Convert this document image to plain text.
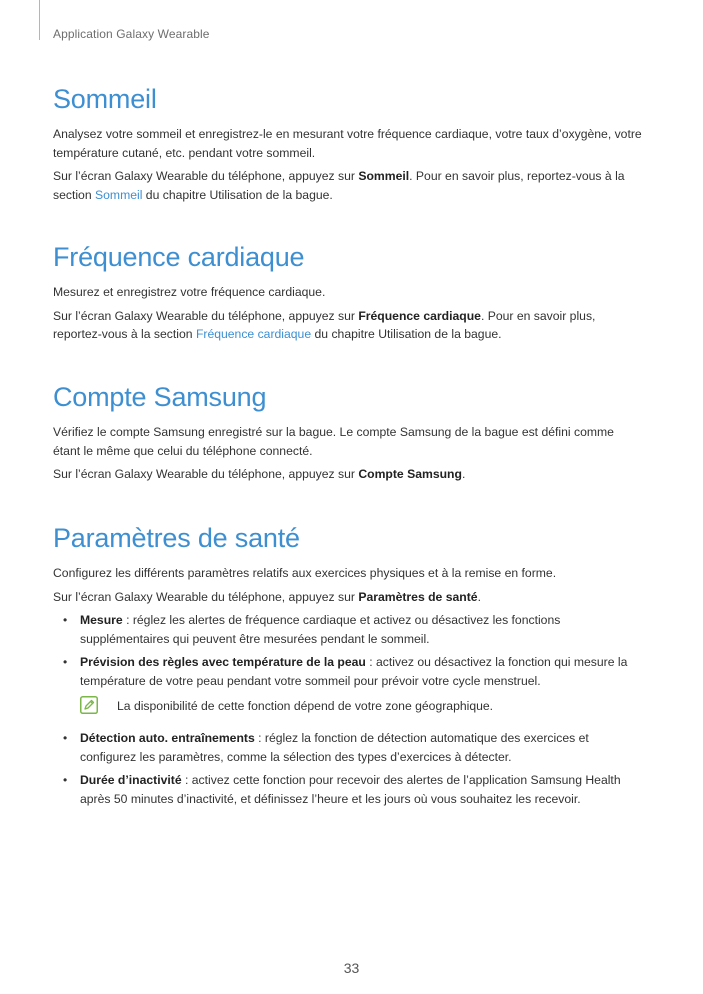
Application Galaxy Wearable
Sommeil

Analysez votre sommeil et enregistrez-le en mesurant votre fréquence cardiaque, votre taux d’oxygène, votre température cutané, etc. pendant votre sommeil.

Sur l’écran Galaxy Wearable du téléphone, appuyez sur Sommeil. Pour en savoir plus, reportez-vous à la section Sommeil du chapitre Utilisation de la bague.

Fréquence cardiaque

Mesurez et enregistrez votre fréquence cardiaque.

Sur l’écran Galaxy Wearable du téléphone, appuyez sur Fréquence cardiaque. Pour en savoir plus, reportez-vous à la section Fréquence cardiaque du chapitre Utilisation de la bague.

Compte Samsung

Vérifiez le compte Samsung enregistré sur la bague. Le compte Samsung de la bague est défini comme étant le même que celui du téléphone connecté.

Sur l’écran Galaxy Wearable du téléphone, appuyez sur Compte Samsung.

Paramètres de santé

Configurez les différents paramètres relatifs aux exercices physiques et à la remise en forme.

Sur l’écran Galaxy Wearable du téléphone, appuyez sur Paramètres de santé.

• Mesure : réglez les alertes de fréquence cardiaque et activez ou désactivez les fonctions supplémentaires qui peuvent être mesurées pendant le sommeil.
• Prévision des règles avec température de la peau : activez ou désactivez la fonction qui mesure la température de votre peau pendant votre sommeil pour prévoir votre cycle menstruel.
La disponibilité de cette fonction dépend de votre zone géographique.
• Détection auto. entraînements : réglez la fonction de détection automatique des exercices et configurez les paramètres, comme la sélection des types d’exercices à détecter.
• Durée d’inactivité : activez cette fonction pour recevoir des alertes de l’application Samsung Health après 50 minutes d’inactivité, et définissez l’heure et les jours où vous souhaitez les recevoir.
33
